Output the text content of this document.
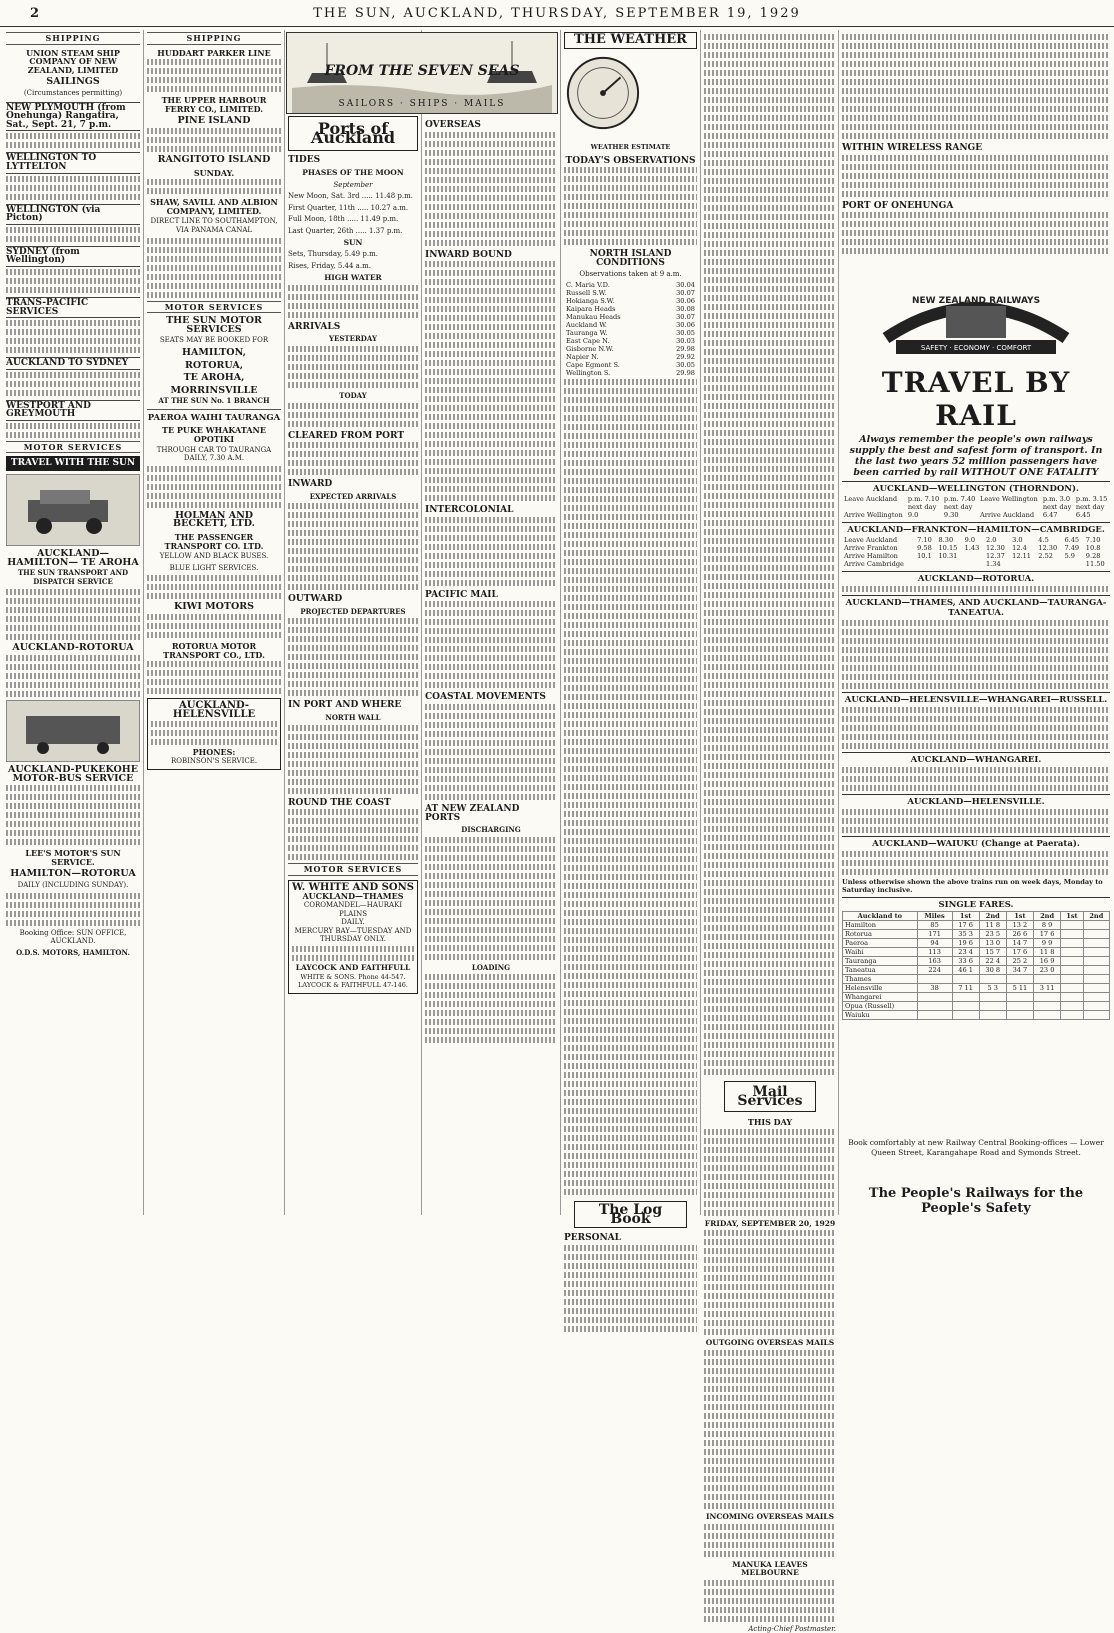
2	THE SUN, AUCKLAND, THURSDAY, SEPTEMBER 19, 1929
SHIPPING
UNION STEAM SHIP COMPANY OF NEW ZEALAND, LIMITED
SAILINGS

(Circumstances permitting)

NEW PLYMOUTH (from Onehunga) Rangatira, Sat., Sept. 21, 7 p.m.
WELLINGTON TO LYTTELTON
WELLINGTON (via Picton)
SYDNEY (from Wellington)
TRANS-PACIFIC SERVICES
AUCKLAND TO SYDNEY
WESTPORT AND GREYMOUTH
MOTOR SERVICES
TRAVEL WITH THE SUN
AUCKLAND— HAMILTON— TE AROHA

THE SUN TRANSPORT AND DISPATCH SERVICE

AUCKLAND-ROTORUA
AUCKLAND-PUKEKOHE MOTOR-BUS SERVICE
LEE'S MOTOR'S SUN SERVICE.
HAMILTON—ROTORUA

DAILY (INCLUDING SUNDAY).

Booking Office: SUN OFFICE, AUCKLAND.

O.D.S. MOTORS, HAMILTON.

SHIPPING
HUDDART PARKER LINE
THE UPPER HARBOUR FERRY CO., LIMITED.
PINE ISLAND
RANGITOTO ISLAND
SUNDAY.
SHAW, SAVILL AND ALBION COMPANY, LIMITED.

DIRECT LINE TO SOUTHAMPTON, VIA PANAMA CANAL

MOTOR SERVICES
THE SUN MOTOR SERVICES

SEATS MAY BE BOOKED FOR

HAMILTON,
ROTORUA,
TE AROHA,
MORRINSVILLE

AT THE SUN No. 1 BRANCH

PAEROA WAIHI TAURANGA
TE PUKE WHAKATANE OPOTIKI

THROUGH CAR TO TAURANGA DAILY, 7.30 A.M.

HOLMAN AND BECKETT, LTD.
THE PASSENGER TRANSPORT CO. LTD.

YELLOW AND BLACK BUSES.

BLUE LIGHT SERVICES.

KIWI MOTORS
ROTORUA MOTOR TRANSPORT CO., LTD.
AUCKLAND-HELENSVILLE
PHONES:
ROBINSON'S SERVICE.
FROM THE SEVEN SEAS
SAILORS · SHIPS · MAILS
Ports of Auckland
TIDES
PHASES OF THE MOON
September

New Moon, Sat. 3rd ..... 11.48 p.m.

First Quarter, 11th ..... 10.27 a.m.

Full Moon, 18th ..... 11.49 p.m.

Last Quarter, 26th ..... 1.37 p.m.

SUN

Sets, Thursday, 5.49 p.m.

Rises, Friday, 5.44 a.m.

HIGH WATER
ARRIVALS
YESTERDAY
TODAY
CLEARED FROM PORT
INWARD
EXPECTED ARRIVALS
OUTWARD
PROJECTED DEPARTURES
IN PORT AND WHERE
NORTH WALL
ROUND THE COAST
MOTOR SERVICES
W. WHITE AND SONS
AUCKLAND—THAMES
COROMANDEL—HAURAKI PLAINS
DAILY.
MERCURY BAY—TUESDAY AND THURSDAY ONLY.
LAYCOCK AND FAITHFULL
WHITE & SONS. Phone 44-547. LAYCOCK & FAITHFULL 47-146.
OVERSEAS
INWARD BOUND
INTERCOLONIAL
PACIFIC MAIL
COASTAL MOVEMENTS
AT NEW ZEALAND PORTS
DISCHARGING
LOADING
THE WEATHER
WEATHER ESTIMATE
TODAY'S OBSERVATIONS
NORTH ISLAND CONDITIONS

Observations taken at 9 a.m.

C. Maria V.D.	30.04
Russell S.W.	30.07
Hokianga S.W.	30.06
Kaipara Heads	30.08
Manukau Heads	30.07
Auckland W.	30.06
Tauranga W.	30.05
East Cape N.	30.03
Gisborne N.W.	29.98
Napier N.	29.92
Cape Egmont S.	30.05
Wellington S.	29.98
The Log Book
PERSONAL
Mail Services
THIS DAY
FRIDAY, SEPTEMBER 20, 1929
OUTGOING OVERSEAS MAILS
INCOMING OVERSEAS MAILS
MANUKA LEAVES MELBOURNE

Acting-Chief Postmaster.

WITHIN WIRELESS RANGE
PORT OF ONEHUNGA
NEW ZEALAND RAILWAYS
SAFETY · ECONOMY · COMFORT
TRAVEL BY RAIL
Always remember the people's own railways supply the best and safest form of transport. In the last two years 52 million passengers have been carried by rail WITHOUT ONE FATALITY
AUCKLAND—WELLINGTON (THORNDON).
Leave Auckland	p.m. 7.10	p.m. 7.40	Leave Wellington	p.m. 3.0	p.m. 3.15
	next day	next day		next day	next day
Arrive Wellington	9.0	9.30	Arrive Auckland	6.47	6.45
AUCKLAND—FRANKTON—HAMILTON—CAMBRIDGE.
Leave Auckland	7.10	8.30	9.0	2.0	3.0	4.5	6.45	7.10
Arrive Frankton	9.58	10.15	1.43	12.30	12.4	12.30	7.49	10.8
Arrive Hamilton	10.1	10.31		12.37	12.11	2.52	5.9	9.28
Arrive Cambridge				1.34				11.50
AUCKLAND—ROTORUA.
AUCKLAND—THAMES, AND AUCKLAND—TAURANGA-TANEATUA.
AUCKLAND—HELENSVILLE—WHANGAREI—RUSSELL.
AUCKLAND—WHANGAREI.
AUCKLAND—HELENSVILLE.
AUCKLAND—WAIUKU (Change at Paerata).

Unless otherwise shown the above trains run on week days, Monday to Saturday inclusive.

SINGLE FARES.
Auckland to	Miles	1st	2nd	1st	2nd	1st	2nd
Hamilton	85	17 6	11 8	13 2	8 9		
Rotorua	171	35 3	23 5	26 6	17 6		
Paeroa	94	19 6	13 0	14 7	9 9		
Waihi	113	23 4	15 7	17 6	11 8		
Tauranga	163	33 6	22 4	25 2	16 9		
Taneatua	224	46 1	30 8	34 7	23 0		
Thames							
Helensville	38	7 11	5 3	5 11	3 11		
Whangarei							
Opua (Russell)							
Waiuku							
Book comfortably at new Railway Central Booking-offices — Lower Queen Street, Karangahape Road and Symonds Street.
The People's Railways for the People's Safety
